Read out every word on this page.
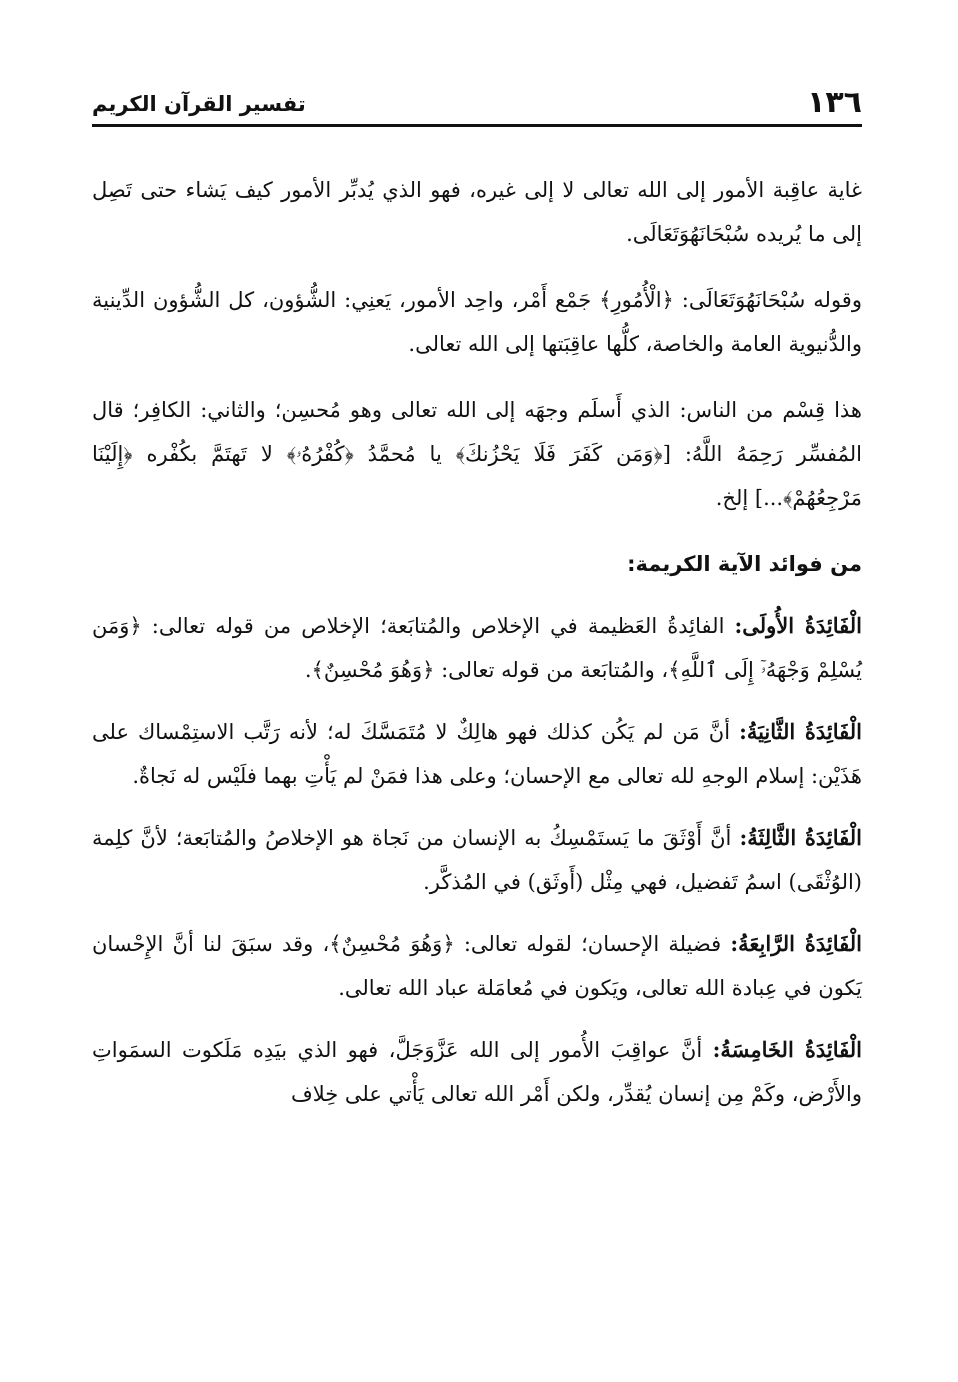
١٣٦
تفسير القرآن الكريم

غاية عاقِبة الأمور إلى الله تعالى لا إلى غيره، فهو الذي يُدبِّر الأمور كيف يَشاء حتى تَصِل إلى ما يُريده سُبْحَانَهُوَتَعَالَى.

وقوله سُبْحَانَهُوَتَعَالَى: ﴿الْأُمُورِ﴾ جَمْع أَمْر، واحِد الأمور، يَعنِي: الشُّؤون، كل الشُّؤون الدِّينية والدُّنيوية العامة والخاصة، كلُّها عاقِبَتها إلى الله تعالى.

هذا قِسْم من الناس: الذي أَسلَم وجهَه إلى الله تعالى وهو مُحسِن؛ والثاني: الكافِر؛ قال المُفسِّر رَحِمَهُ اللَّهُ: [﴿وَمَن كَفَرَ فَلَا يَحْزُنكَ﴾ يا مُحمَّدُ ﴿كُفْرُهُۥ﴾ لا تَهتَمَّ بكُفْره ﴿إِلَيْنَا مَرْجِعُهُمْ﴾...] إلخ.

من فوائد الآية الكريمة:

الْفَائِدَةُ الأُولَى: الفائِدةُ العَظيمة في الإخلاص والمُتابَعة؛ الإخلاص من قوله تعالى: ﴿وَمَن يُسْلِمْ وَجْهَهُۥٓ إِلَى ٱللَّهِ﴾، والمُتابَعة من قوله تعالى: ﴿وَهُوَ مُحْسِنٌ﴾.

الْفَائِدَةُ الثَّانِيَةُ: أنَّ مَن لم يَكُن كذلك فهو هالِكٌ لا مُتَمَسَّكَ له؛ لأنه رَتَّب الاستِمْساك على هَذَيْن: إسلام الوجهِ لله تعالى مع الإحسان؛ وعلى هذا فمَنْ لم يَأْتِ بهما فلَيْس له نَجاةٌ.

الْفَائِدَةُ الثَّالِثَةُ: أنَّ أَوْثَقَ ما يَستَمْسِكُ به الإنسان من نَجاة هو الإخلاصُ والمُتابَعة؛ لأنَّ كلِمة (الوُثْقَى) اسمُ تَفضيل، فهي مِثْل (أَوثَق) في المُذكَّر.

الْفَائِدَةُ الرَّابِعَةُ: فضيلة الإحسان؛ لقوله تعالى: ﴿وَهُوَ مُحْسِنٌ﴾، وقد سبَقَ لنا أنَّ الإِحْسان يَكون في عِبادة الله تعالى، ويَكون في مُعامَلة عباد الله تعالى.

الْفَائِدَةُ الخَامِسَةُ: أنَّ عواقِبَ الأُمور إلى الله عَزَّوَجَلَّ، فهو الذي بيَدِه مَلَكوت السمَواتِ والأَرْض، وكَمْ مِن إنسان يُقدِّر، ولكن أَمْر الله تعالى يَأْتي على خِلاف
